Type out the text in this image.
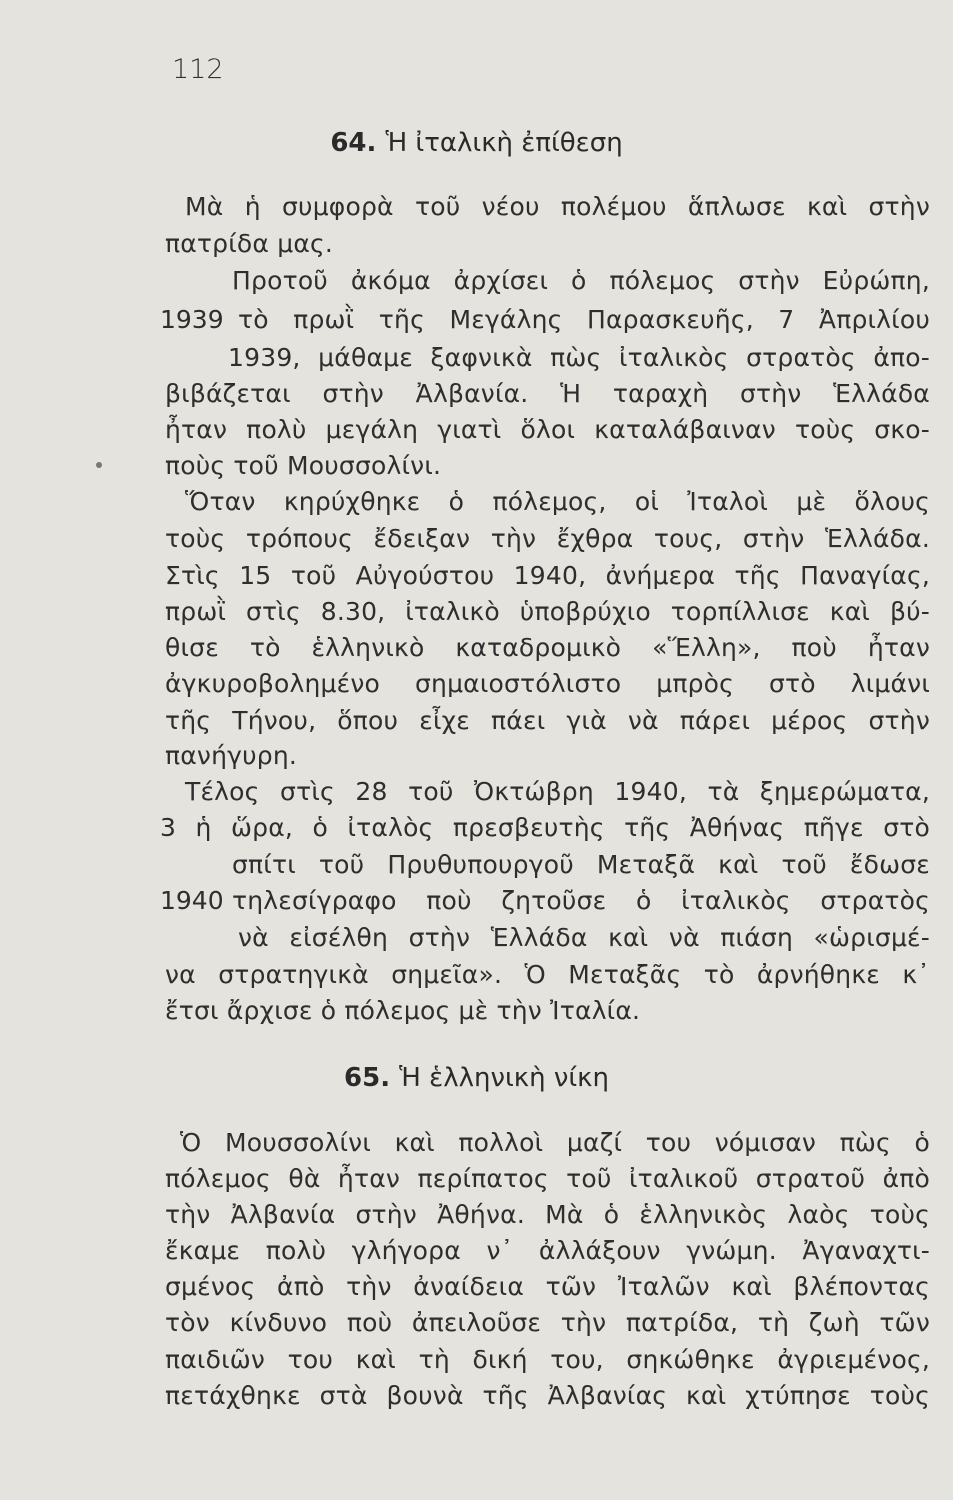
112
64. Ἡ ἰταλικὴ ἐπίθεση
Μὰ ἡ συμφορὰ τοῦ νέου πολέμου ἅπλωσε καὶ στὴν
πατρίδα μας.
Προτοῦ ἀκόμα ἀρχίσει ὁ πόλεμος στὴν Εὐρώπη,
1939 τὸ πρωῒ τῆς Μεγάλης Παρασκευῆς, 7 Ἀπριλίου
1939, μάθαμε ξαφνικὰ πὼς ἰταλικὸς στρατὸς ἀπο-
βιβάζεται στὴν Ἀλβανία. Ἡ ταραχὴ στὴν Ἑλλάδα
ἦταν πολὺ μεγάλη γιατὶ ὅλοι καταλάβαιναν τοὺς σκο-
ποὺς τοῦ Μουσσολίνι.
Ὅταν κηρύχθηκε ὁ πόλεμος, οἱ Ἰταλοὶ μὲ ὅλους
τοὺς τρόπους ἔδειξαν τὴν ἔχθρα τους, στὴν Ἑλλάδα.
Στὶς 15 τοῦ Αὐγούστου 1940, ἀνήμερα τῆς Παναγίας,
πρωῒ στὶς 8.30, ἰταλικὸ ὑποβρύχιο τορπίλλισε καὶ βύ-
θισε τὸ ἑλληνικὸ καταδρομικὸ «Ἕλλη», ποὺ ἦταν
ἀγκυροβολημένο σημαιοστόλιστο μπρὸς στὸ λιμάνι
τῆς Τήνου, ὅπου εἶχε πάει γιὰ νὰ πάρει μέρος στὴν
πανήγυρη.
Τέλος στὶς 28 τοῦ Ὀκτώβρη 1940, τὰ ξημερώματα,
3 ἡ ὥρα, ὁ ἰταλὸς πρεσβευτὴς τῆς Ἀθήνας πῆγε στὸ
σπίτι τοῦ Πρυθυπουργοῦ Μεταξᾶ καὶ τοῦ ἔδωσε
1940 τηλεσίγραφο ποὺ ζητοῦσε ὁ ἰταλικὸς στρατὸς
νὰ εἰσέλθη στὴν Ἑλλάδα καὶ νὰ πιάση «ὡρισμέ-
να στρατηγικὰ σημεῖα». Ὁ Μεταξᾶς τὸ ἀρνήθηκε κ᾽
ἔτσι ἄρχισε ὁ πόλεμος μὲ τὴν Ἰταλία.
65. Ἡ ἑλληνικὴ νίκη
Ὁ Μουσσολίνι καὶ πολλοὶ μαζί του νόμισαν πὼς ὁ
πόλεμος θὰ ἦταν περίπατος τοῦ ἰταλικοῦ στρατοῦ ἀπὸ
τὴν Ἀλβανία στὴν Ἀθήνα. Μὰ ὁ ἑλληνικὸς λαὸς τοὺς
ἔκαμε πολὺ γλήγορα ν᾽ ἀλλάξουν γνώμη. Ἀγαναχτι-
σμένος ἀπὸ τὴν ἀναίδεια τῶν Ἰταλῶν καὶ βλέποντας
τὸν κίνδυνο ποὺ ἀπειλοῦσε τὴν πατρίδα, τὴ ζωὴ τῶν
παιδιῶν του καὶ τὴ δική του, σηκώθηκε ἀγριεμένος,
πετάχθηκε στὰ βουνὰ τῆς Ἀλβανίας καὶ χτύπησε τοὺς
